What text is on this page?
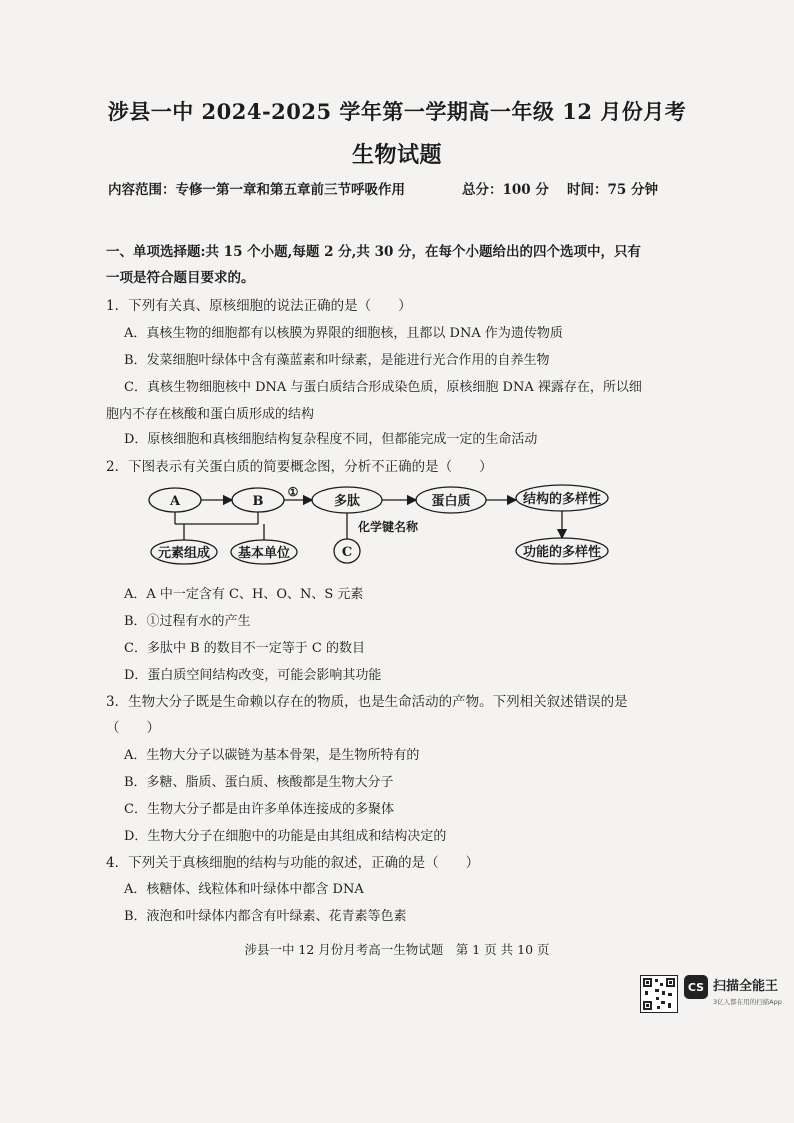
涉县一中 2024-2025 学年第一学期高一年级 12 月份月考
生物试题
内容范围：专修一第一章和第五章前三节呼吸作用	总分：100 分 时间：75 分钟
一、单项选择题:共 15 个小题,每题 2 分,共 30 分，在每个小题给出的四个选项中，只有
一项是符合题目要求的。
1．下列有关真、原核细胞的说法正确的是（　　）
A．真核生物的细胞都有以核膜为界限的细胞核，且都以 DNA 作为遗传物质
B．发菜细胞叶绿体中含有藻蓝素和叶绿素，是能进行光合作用的自养生物
C．真核生物细胞核中 DNA 与蛋白质结合形成染色质，原核细胞 DNA 裸露存在，所以细
胞内不存在核酸和蛋白质形成的结构
D．原核细胞和真核细胞结构复杂程度不同，但都能完成一定的生命活动
2．下图表示有关蛋白质的简要概念图，分析不正确的是（　　）
A	B
①
多肽	蛋白质	结构的多样性
功能的多样性
化学键名称
C
元素组成 基本单位
A．A 中一定含有 C、H、O、N、S 元素
B．①过程有水的产生
C．多肽中 B 的数目不一定等于 C 的数目
D．蛋白质空间结构改变，可能会影响其功能
3．生物大分子既是生命赖以存在的物质，也是生命活动的产物。下列相关叙述错误的是
（　　）
A．生物大分子以碳链为基本骨架，是生物所特有的
B．多糖、脂质、蛋白质、核酸都是生物大分子
C．生物大分子都是由许多单体连接成的多聚体
D．生物大分子在细胞中的功能是由其组成和结构决定的
4．下列关于真核细胞的结构与功能的叙述，正确的是（　　）
A．核糖体、线粒体和叶绿体中都含 DNA
B．液泡和叶绿体内都含有叶绿素、花青素等色素
涉县一中 12 月份月考高一生物试题　第 1 页 共 10 页
CS 扫描全能王
3亿人都在用的扫描App
